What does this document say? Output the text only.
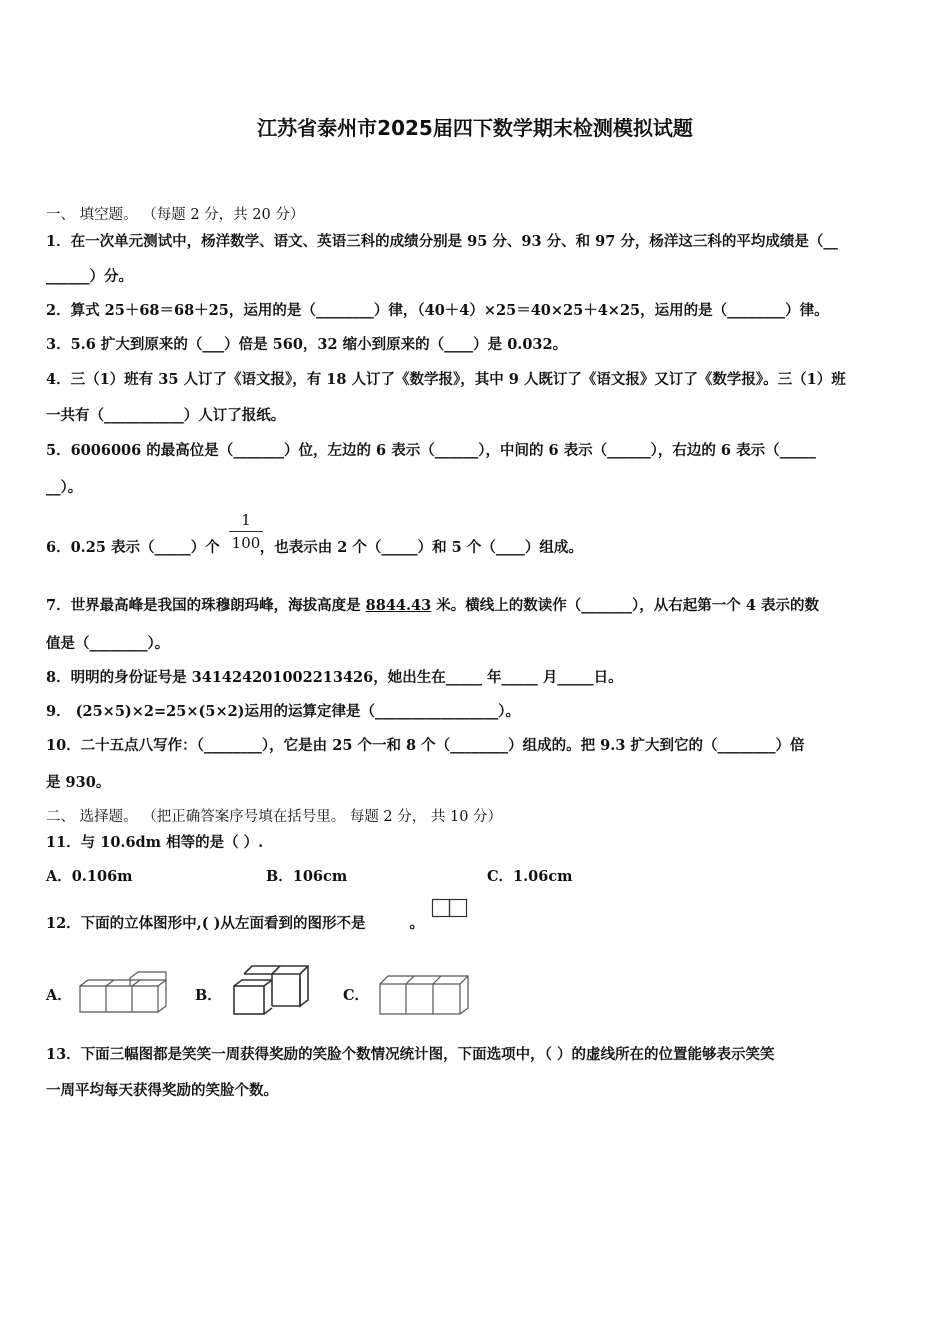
江苏省泰州市2025届四下数学期末检测模拟试题
一、 填空题。 （每题 2 分，共 20 分）
1．在一次单元测试中，杨洋数学、语文、英语三科的成绩分别是 95 分、93 分、和 97 分，杨洋这三科的平均成绩是（__
______）分。
2．算式 25＋68＝68＋25，运用的是（________）律，（40＋4）×25＝40×25＋4×25，运用的是（________）律。
3．5.6 扩大到原来的（___）倍是 560，32 缩小到原来的（____）是 0.032。
4．三（1）班有 35 人订了《语文报》，有 18 人订了《数学报》，其中 9 人既订了《语文报》又订了《数学报》。三（1）班
一共有（___________）人订了报纸。
5．6006006 的最高位是（_______）位，左边的 6 表示（______），中间的 6 表示（______），右边的 6 表示（_____
__）。
6．0.25 表示（_____）个	，也表示由 2 个（_____）和 5 个（____）组成。
1
100
7．世界最高峰是我国的珠穆朗玛峰，海拔高度是 8844.43 米。横线上的数读作（_______），从右起第一个 4 表示的数
值是（________）。
8．明明的身份证号是 341424201002213426，她出生在_____ 年_____ 月_____日。
9． (25×5)×2=25×(5×2)运用的运算定律是（_________________）。
10．二十五点八写作：（________），它是由 25 个一和 8 个（________）组成的。把 9.3 扩大到它的（________）倍
是 930。
二、 选择题。 （把正确答案序号填在括号里。 每题 2 分， 共 10 分）
11．与 10.6dm 相等的是（ ）.
A．0.106m	B．106cm	C．1.06cm
12．下面的立体图形中,( )从左面看到的图形不是	。
A．	B．	C．
13．下面三幅图都是笑笑一周获得奖励的笑脸个数情况统计图，下面选项中，（ ）的虚线所在的位置能够表示笑笑
一周平均每天获得奖励的笑脸个数。
